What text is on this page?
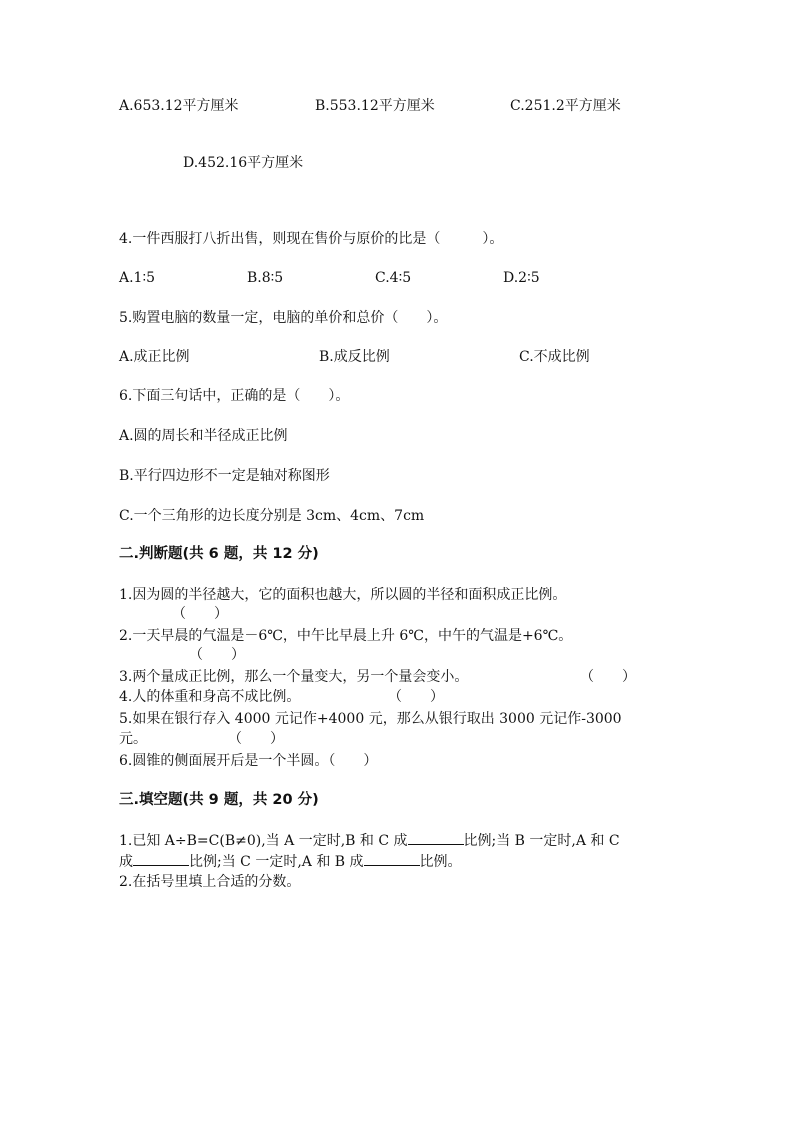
A.653.12平方厘米	B.553.12平方厘米	C.251.2平方厘米
D.452.16平方厘米
4.一件西服打八折出售，则现在售价与原价的比是（　　　）。
A.1∶5	B.8∶5	C.4∶5	D.2∶5
5.购置电脑的数量一定，电脑的单价和总价（　　）。
A.成正比例	B.成反比例	C.不成比例
6.下面三句话中，正确的是（　　）。
A.圆的周长和半径成正比例
B.平行四边形不一定是轴对称图形
C.一个三角形的边长度分别是 3cm、4cm、7cm
二.判断题(共 6 题，共 12 分)
1.因为圆的半径越大，它的面积也越大，所以圆的半径和面积成正比例。
（　　）
2.一天早晨的气温是－6℃，中午比早晨上升 6℃，中午的气温是+6℃。
（　　）
3.两个量成正比例，那么一个量变大，另一个量会变小。	（　　）
4.人的体重和身高不成比例。	（　　）
5.如果在银行存入 4000 元记作+4000 元，那么从银行取出 3000 元记作-3000
元。	（　　）
6.圆锥的侧面展开后是一个半圆。（　　）
三.填空题(共 9 题，共 20 分)
1.已知 A÷B=C(B≠0),当 A 一定时,B 和 C 成	比例;当 B 一定时,A 和 C
成	比例;当 C 一定时,A 和 B 成	比例。
2.在括号里填上合适的分数。
